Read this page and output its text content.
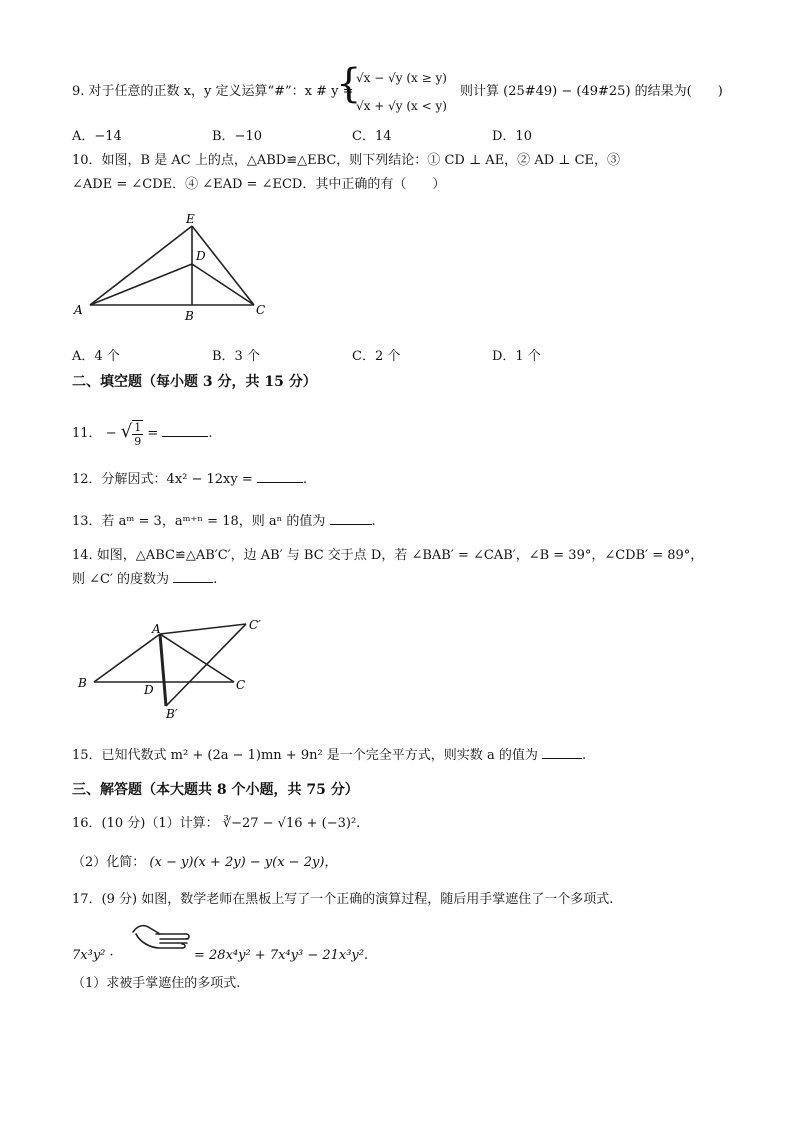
9. 对于任意的正数 x，y 定义运算“#”：x # y =
{
√x − √y (x ≥ y)
√x + √y (x < y)
则计算 (25#49) − (49#25) 的结果为(　　)
A．−14	B．−10	C．14	D．10
10．如图，B 是 AC 上的点，△ABD≌△EBC，则下列结论：① CD ⊥ AE，② AD ⊥ CE，③
∠ADE = ∠CDE．④ ∠EAD = ∠ECD．其中正确的有（　　）
E
D
A	B	C
A．4 个	B．3 个	C．2 个	D．1 个
二、填空题（每小题 3 分，共 15 分）
11． − √ $\frac{1}{9}$ =	.
12．分解因式：4x² − 12xy =	.
13．若 aᵐ = 3，aᵐ⁺ⁿ = 18，则 aⁿ 的值为	.
14. 如图，△ABC≌△AB′C′，边 AB′ 与 BC 交于点 D，若 ∠BAB′ = ∠CAB′，∠B = 39°，∠CDB′ = 89°，
则 ∠C′ 的度数为	.
A	C′
B	D	C
B′
15．已知代数式 m² + (2a − 1)mn + 9n² 是一个完全平方式，则实数 a 的值为	.
三、解答题（本大题共 8 个小题，共 75 分）
16．(10 分)（1）计算： ∛−27 − √16 + (−3)².
（2）化简： (x − y)(x + 2y) − y(x − 2y)，
17．(9 分) 如图，数学老师在黑板上写了一个正确的演算过程，随后用手掌遮住了一个多项式.
7x³y² ·	= 28x⁴y² + 7x⁴y³ − 21x³y².
（1）求被手掌遮住的多项式.
